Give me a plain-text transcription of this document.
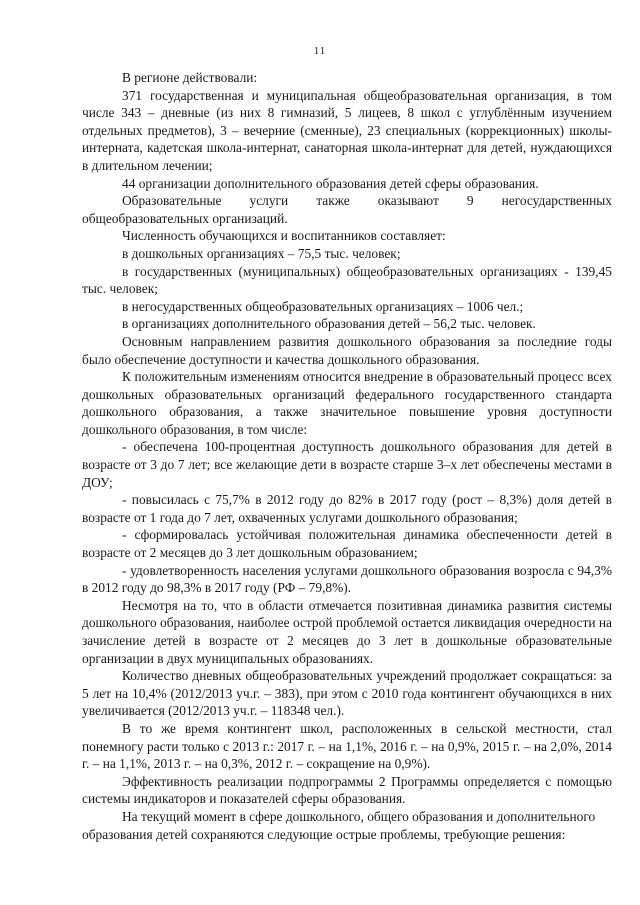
11

В регионе действовали:

371 государственная и муниципальная общеобразовательная организация, в том числе 343 – дневные (из них 8 гимназий, 5 лицеев, 8 школ с углублённым изучением отдельных предметов), 3 – вечерние (сменные), 23 специальных (коррекционных) школы-интерната, кадетская школа-интернат, санаторная школа-интернат для детей, нуждающихся в длительном лечении;

44 организации дополнительного образования детей сферы образования.

Образовательные услуги также оказывают 9 негосударственных общеобразовательных организаций.

Численность обучающихся и воспитанников составляет:

в дошкольных организациях – 75,5 тыс. человек;

в государственных (муниципальных) общеобразовательных организациях - 139,45 тыс. человек;

в негосударственных общеобразовательных организациях – 1006 чел.;

в организациях дополнительного образования детей – 56,2 тыс. человек.

Основным направлением развития дошкольного образования за последние годы было обеспечение доступности и качества дошкольного образования.

К положительным изменениям относится внедрение в образовательный процесс всех дошкольных образовательных организаций федерального государственного стандарта дошкольного образования, а также значительное повышение уровня доступности дошкольного образования, в том числе:

- обеспечена 100-процентная доступность дошкольного образования для детей в возрасте от 3 до 7 лет; все желающие дети в возрасте старше 3–х лет обеспечены местами в ДОУ;

- повысилась с 75,7% в 2012 году до 82% в 2017 году (рост – 8,3%) доля детей в возрасте от 1 года до 7 лет, охваченных услугами дошкольного образования;

- сформировалась устойчивая положительная динамика обеспеченности детей в возрасте от 2 месяцев до 3 лет дошкольным образованием;

- удовлетворенность населения услугами дошкольного образования возросла с 94,3% в 2012 году до 98,3% в 2017 году (РФ – 79,8%).

Несмотря на то, что в области отмечается позитивная динамика развития системы дошкольного образования, наиболее острой проблемой остается ликвидация очередности на зачисление детей в возрасте от 2 месяцев до 3 лет в дошкольные образовательные организации в двух муниципальных образованиях.

Количество дневных общеобразовательных учреждений продолжает сокращаться: за 5 лет на 10,4% (2012/2013 уч.г. – 383), при этом с 2010 года контингент обучающихся в них увеличивается (2012/2013 уч.г. – 118348 чел.).

В то же время контингент школ, расположенных в сельской местности, стал понемногу расти только с 2013 г.: 2017 г. – на 1,1%, 2016 г. – на 0,9%, 2015 г. – на 2,0%, 2014 г. – на 1,1%, 2013 г. – на 0,3%, 2012 г. – сокращение на 0,9%).

Эффективность реализации подпрограммы 2 Программы определяется с помощью системы индикаторов и показателей сферы образования.

На текущий момент в сфере дошкольного, общего образования и дополнительного образования детей сохраняются следующие острые проблемы, требующие решения:
